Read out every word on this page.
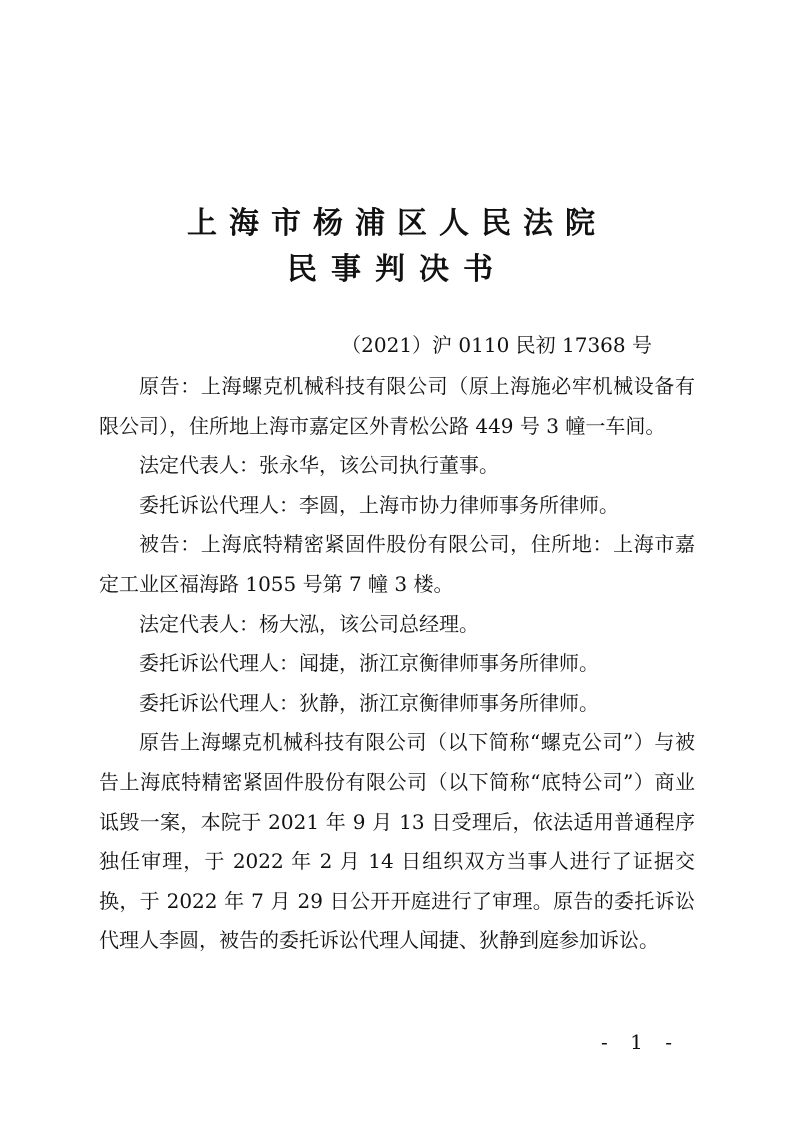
上海市杨浦区人民法院
民事判决书
（2021）沪 0110 民初 17368 号

原告：上海螺克机械科技有限公司（原上海施必牢机械设备有限公司），住所地上海市嘉定区外青松公路 449 号 3 幢一车间。

法定代表人：张永华，该公司执行董事。

委托诉讼代理人：李圆，上海市协力律师事务所律师。

被告：上海底特精密紧固件股份有限公司，住所地：上海市嘉定工业区福海路 1055 号第 7 幢 3 楼。

法定代表人：杨大泓，该公司总经理。

委托诉讼代理人：闻捷，浙江京衡律师事务所律师。

委托诉讼代理人：狄静，浙江京衡律师事务所律师。

原告上海螺克机械科技有限公司（以下简称“螺克公司”）与被告上海底特精密紧固件股份有限公司（以下简称“底特公司”）商业诋毁一案，本院于 2021 年 9 月 13 日受理后，依法适用普通程序独任审理，于 2022 年 2 月 14 日组织双方当事人进行了证据交换，于 2022 年 7 月 29 日公开开庭进行了审理。原告的委托诉讼代理人李圆，被告的委托诉讼代理人闻捷、狄静到庭参加诉讼。

- 1 -
